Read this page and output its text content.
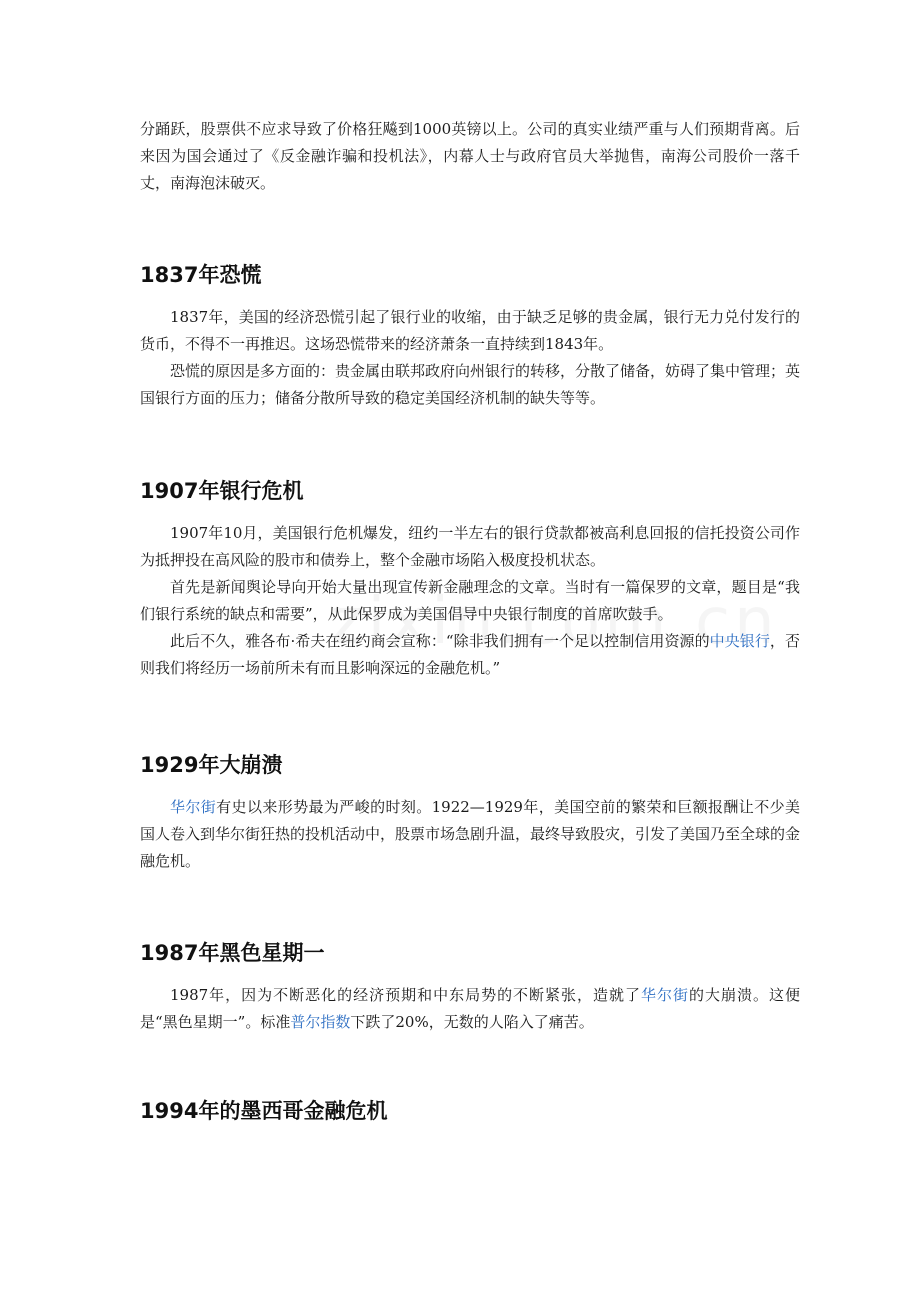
分踊跃，股票供不应求导致了价格狂飚到1000英镑以上。公司的真实业绩严重与人们预期背离。后来因为国会通过了《反金融诈骗和投机法》，内幕人士与政府官员大举抛售，南海公司股价一落千丈，南海泡沫破灭。

1837年恐慌

1837年，美国的经济恐慌引起了银行业的收缩，由于缺乏足够的贵金属，银行无力兑付发行的货币，不得不一再推迟。这场恐慌带来的经济萧条一直持续到1843年。

恐慌的原因是多方面的：贵金属由联邦政府向州银行的转移，分散了储备，妨碍了集中管理；英国银行方面的压力；储备分散所导致的稳定美国经济机制的缺失等等。

1907年银行危机

1907年10月，美国银行危机爆发，纽约一半左右的银行贷款都被高利息回报的信托投资公司作为抵押投在高风险的股市和债券上，整个金融市场陷入极度投机状态。

首先是新闻舆论导向开始大量出现宣传新金融理念的文章。当时有一篇保罗的文章，题目是“我们银行系统的缺点和需要”，从此保罗成为美国倡导中央银行制度的首席吹鼓手。

此后不久，雅各布·希夫在纽约商会宣称：“除非我们拥有一个足以控制信用资源的中央银行，否则我们将经历一场前所未有而且影响深远的金融危机。”

1929年大崩溃

华尔街有史以来形势最为严峻的时刻。1922—1929年，美国空前的繁荣和巨额报酬让不少美国人卷入到华尔街狂热的投机活动中，股票市场急剧升温，最终导致股灾，引发了美国乃至全球的金融危机。

1987年黑色星期一

1987年，因为不断恶化的经济预期和中东局势的不断紧张，造就了华尔街的大崩溃。这便是“黑色星期一”。标准普尔指数下跌了20%，无数的人陷入了痛苦。

1994年的墨西哥金融危机
